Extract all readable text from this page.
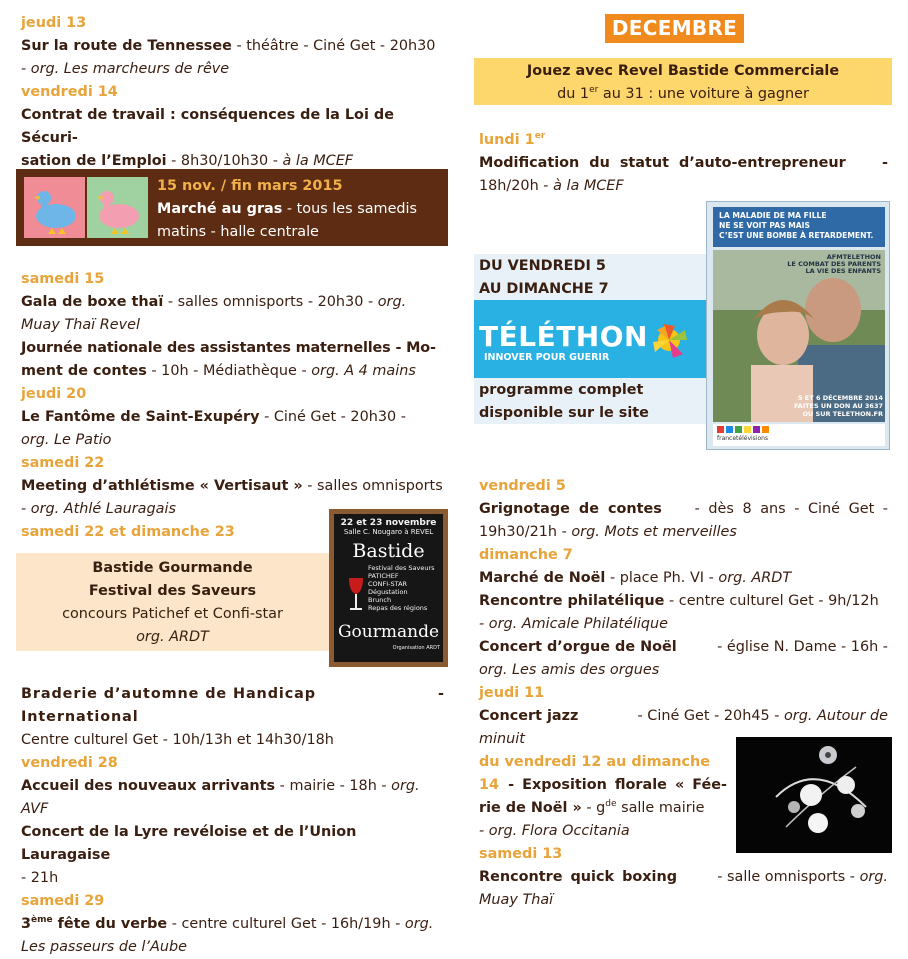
jeudi 13

Sur la route de Tennessee - théâtre - Ciné Get - 20h30

- org. Les marcheurs de rêve

vendredi 14

Contrat de travail : conséquences de la Loi de Sécuri-

sation de l’Emploi - 8h30/10h30 - à la MCEF

15 nov. / fin mars 2015

Marché au gras - tous les samedis

matins - halle centrale

samedi 15

Gala de boxe thaï - salles omnisports - 20h30 - org.

Muay Thaï Revel

Journée nationale des assistantes maternelles - Mo-

ment de contes - 10h - Médiathèque - org. A 4 mains

jeudi 20

Le Fantôme de Saint-Exupéry - Ciné Get - 20h30 -

org. Le Patio

samedi 22

Meeting d’athlétisme « Vertisaut » - salles omnisports

- org. Athlé Lauragais

samedi 22 et dimanche 23

Bastide Gourmande

Festival des Saveurs

concours Patichef et Confi-star

org. ARDT

22 et 23 novembre
Salle C. Nougaro à REVEL
Bastide
Festival des Saveurs
PATICHEF
CONFI-STAR
Dégustation
Brunch
Repas des régions
Gourmande
Organisation ARDT

Braderie d’automne de Handicap International
-

Centre culturel Get - 10h/13h et 14h30/18h

vendredi 28

Accueil des nouveaux arrivants - mairie - 18h - org. AVF

Concert de la Lyre revéloise et de l’Union Lauragaise

- 21h

samedi 29

3ème fête du verbe - centre culturel Get - 16h/19h - org.

Les passeurs de l’Aube

DECEMBRE

Jouez avec Revel Bastide Commerciale

du 1er au 31 : une voiture à gagner

lundi 1er

Modification du statut d’auto-entrepreneur	-

18h/20h - à la MCEF

DU VENDREDI 5

AU DIMANCHE 7

TÉLÉTHON
INNOVER POUR GUERIR

programme complet

disponible sur le site

LA MALADIE DE MA FILLE
NE SE VOIT PAS MAIS
C’EST UNE BOMBE À RETARDEMENT.
AFMTELETHON
LE COMBAT DES PARENTS
LA VIE DES ENFANTS
5 ET 6 DÉCEMBRE 2014
FAITES UN DON AU 3637
OU SUR TELETHON.FR
francetélévisions
vendredi 5

Grignotage de contes - dès 8 ans - Ciné Get -

19h30/21h - org. Mots et merveilles

dimanche 7

Marché de Noël - place Ph. VI - org. ARDT

Rencontre philatélique - centre culturel Get - 9h/12h

- org. Amicale Philatélique

Concert d’orgue de Noël	- église N. Dame - 16h -

org. Les amis des orgues

jeudi 11

Concert jazz	- Ciné Get - 20h45 - org. Autour de

minuit

du vendredi 12 au dimanche

14 - Exposition florale « Fée-

rie de Noël » - $g^{de}$ salle mairie

- org. Flora Occitania

samedi 13

Rencontre quick boxing	- salle omnisports - org.

Muay Thaï
